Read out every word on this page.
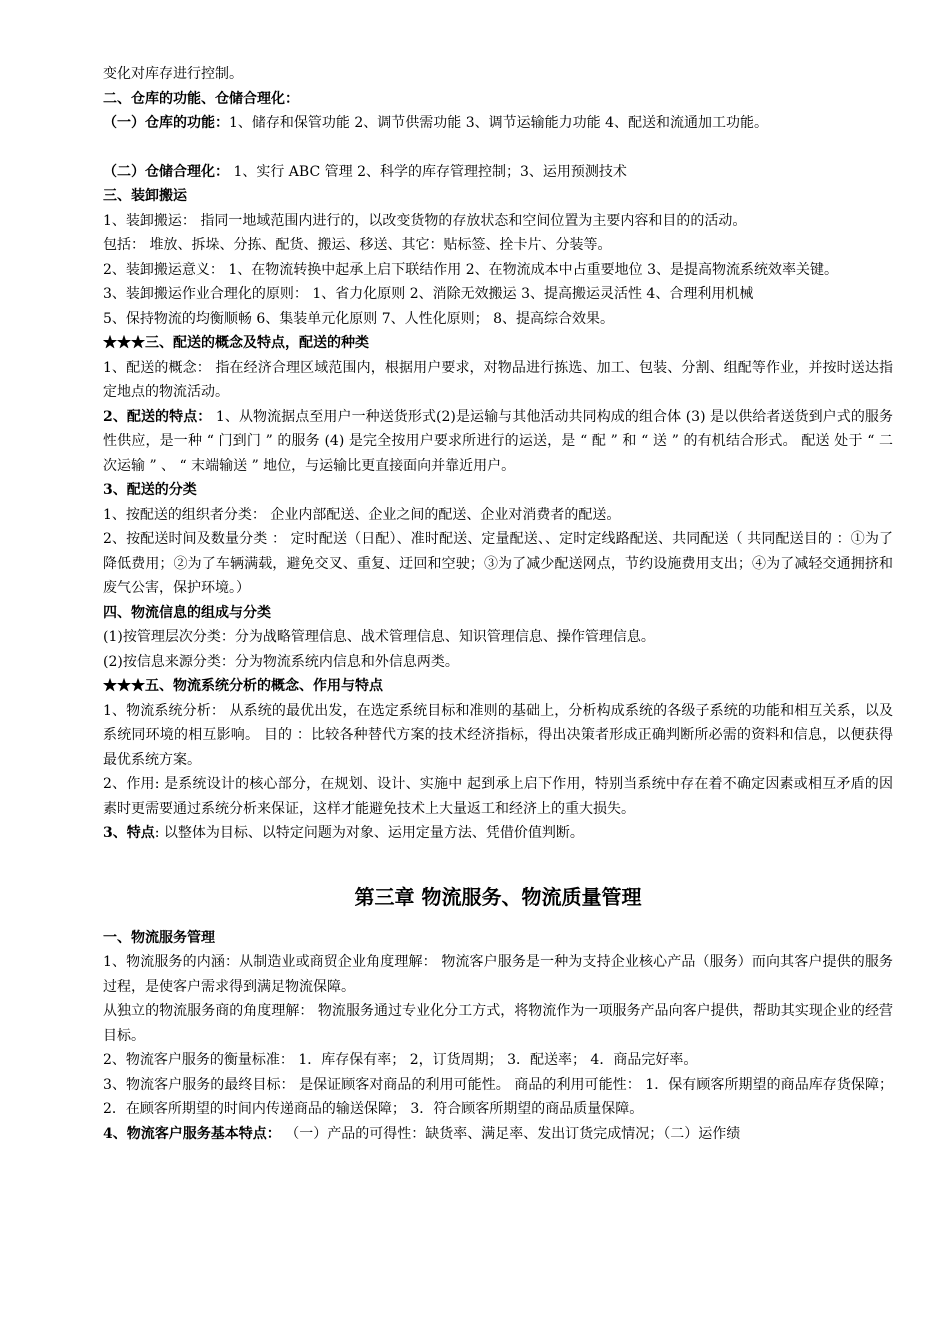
变化对库存进行控制。
二、仓库的功能、仓储合理化：
（一）仓库的功能：1、储存和保管功能 2、调节供需功能 3、调节运输能力功能 4、配送和流通加工功能。
（二）仓储合理化： 1、实行 ABC 管理 2、科学的库存管理控制；3、运用预测技术
三、装卸搬运
1、装卸搬运： 指同一地域范围内进行的，以改变货物的存放状态和空间位置为主要内容和目的的活动。
包括： 堆放、拆垛、分拣、配货、搬运、移送、其它：贴标签、拴卡片、分装等。
2、装卸搬运意义： 1、在物流转换中起承上启下联结作用 2、在物流成本中占重要地位 3、是提高物流系统效率关键。
3、装卸搬运作业合理化的原则： 1、省力化原则 2、消除无效搬运 3、提高搬运灵活性 4、合理利用机械
5、保持物流的均衡顺畅 6、集装单元化原则 7、人性化原则； 8、提高综合效果。
★★★三、配送的概念及特点，配送的种类
1、配送的概念： 指在经济合理区域范围内，根据用户要求，对物品进行拣选、加工、包装、分割、组配等作业，并按时送达指定地点的物流活动。
2、配送的特点： 1、从物流据点至用户一种送货形式(2)是运输与其他活动共同构成的组合体 (3) 是以供给者送货到户式的服务性供应，是一种 “ 门到门 ” 的服务 (4) 是完全按用户要求所进行的运送，是 “ 配 ” 和 “ 送 ” 的有机结合形式。 配送 处于 “ 二次运输 ” 、 “ 末端输送 ” 地位，与运输比更直接面向并靠近用户。
3、配送的分类
1、按配送的组织者分类： 企业内部配送、企业之间的配送、企业对消费者的配送。
2、按配送时间及数量分类 ： 定时配送（日配）、准时配送、定量配送、、定时定线路配送、共同配送（ 共同配送目的 ：①为了降低费用；②为了车辆满载，避免交叉、重复、迂回和空驶；③为了减少配送网点，节约设施费用支出；④为了减轻交通拥挤和废气公害，保护环境。）
四、物流信息的组成与分类
(1)按管理层次分类：分为战略管理信息、战术管理信息、知识管理信息、操作管理信息。
(2)按信息来源分类：分为物流系统内信息和外信息两类。
★★★五、物流系统分析的概念、作用与特点
1、物流系统分析： 从系统的最优出发，在选定系统目标和准则的基础上，分析构成系统的各级子系统的功能和相互关系，以及系统同环境的相互影响。 目的 ：比较各种替代方案的技术经济指标，得出决策者形成正确判断所必需的资料和信息，以便获得最优系统方案。
2、作用: 是系统设计的核心部分，在规划、设计、实施中 起到承上启下作用，特别当系统中存在着不确定因素或相互矛盾的因素时更需要通过系统分析来保证，这样才能避免技术上大量返工和经济上的重大损失。
3、特点: 以整体为目标、以特定问题为对象、运用定量方法、凭借价值判断。
第三章 物流服务、物流质量管理
一、物流服务管理
1、物流服务的内涵：从制造业或商贸企业角度理解： 物流客户服务是一种为支持企业核心产品（服务）而向其客户提供的服务过程，是使客户需求得到满足物流保障。
从独立的物流服务商的角度理解： 物流服务通过专业化分工方式，将物流作为一项服务产品向客户提供，帮助其实现企业的经营目标。
2、物流客户服务的衡量标准： 1．库存保有率； 2，订货周期； 3．配送率； 4．商品完好率。
3、物流客户服务的最终目标： 是保证顾客对商品的利用可能性。 商品的利用可能性： 1．保有顾客所期望的商品库存货保障； 2．在顾客所期望的时间内传递商品的输送保障； 3．符合顾客所期望的商品质量保障。
4、物流客户服务基本特点： （一）产品的可得性：缺货率、满足率、发出订货完成情况；（二）运作绩
